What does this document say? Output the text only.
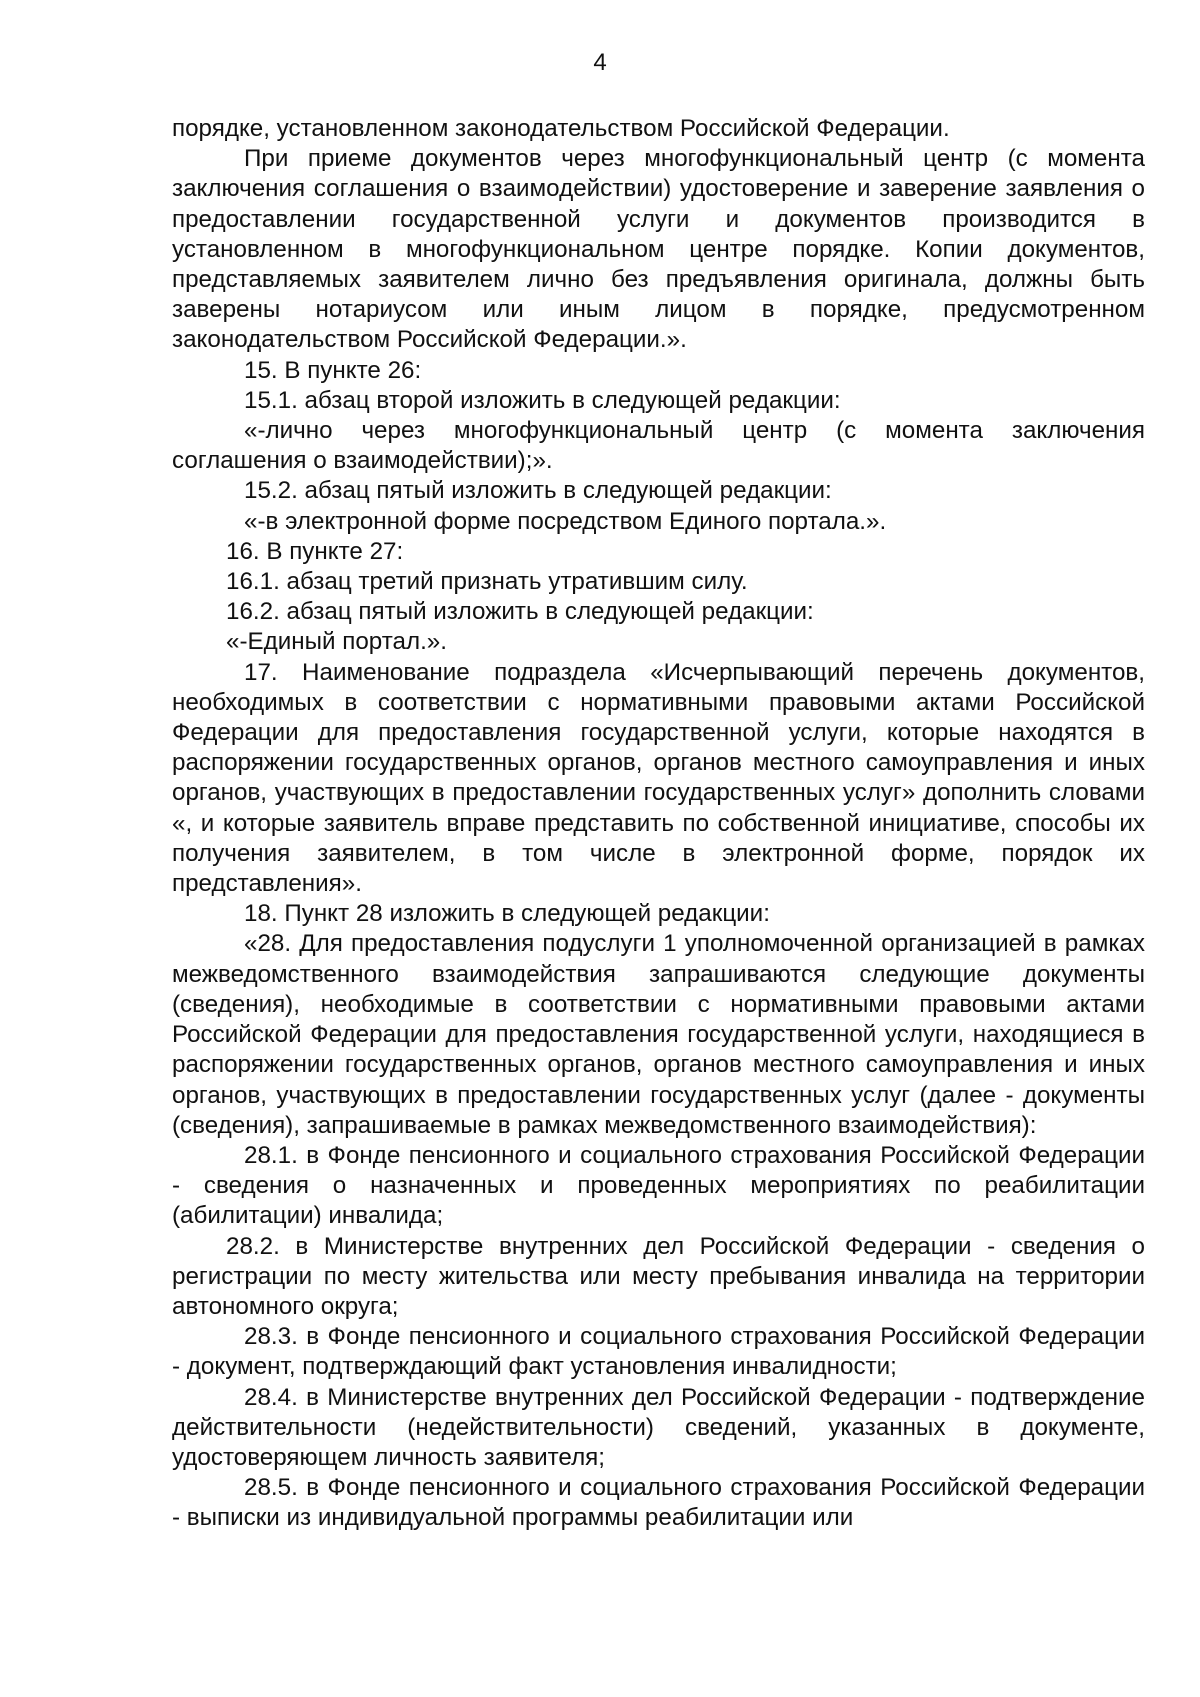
4

порядке, установленном законодательством Российской Федерации.

При приеме документов через многофункциональный центр (с момента заключения соглашения о взаимодействии) удостоверение и заверение заявления о предоставлении государственной услуги и документов производится в установленном в многофункциональном центре порядке. Копии документов, представляемых заявителем лично без предъявления оригинала, должны быть заверены нотариусом или иным лицом в порядке, предусмотренном законодательством Российской Федерации.».

15. В пункте 26:

15.1. абзац второй изложить в следующей редакции:

«-лично через многофункциональный центр (с момента заключения соглашения о взаимодействии);».

15.2. абзац пятый изложить в следующей редакции:

«-в электронной форме посредством Единого портала.».

16. В пункте 27:

16.1. абзац третий признать утратившим силу.

16.2. абзац пятый изложить в следующей редакции:

«-Единый портал.».

17. Наименование подраздела «Исчерпывающий перечень документов, необходимых в соответствии с нормативными правовыми актами Российской Федерации для предоставления государственной услуги, которые находятся в распоряжении государственных органов, органов местного самоуправления и иных органов, участвующих в предоставлении государственных услуг» дополнить словами «, и которые заявитель вправе представить по собственной инициативе, способы их получения заявителем, в том числе в электронной форме, порядок их представления».

18. Пункт 28 изложить в следующей редакции:

«28. Для предоставления подуслуги 1 уполномоченной организацией в рамках межведомственного взаимодействия запрашиваются следующие документы (сведения), необходимые в соответствии с нормативными правовыми актами Российской Федерации для предоставления государственной услуги, находящиеся в распоряжении государственных органов, органов местного самоуправления и иных органов, участвующих в предоставлении государственных услуг (далее - документы (сведения), запрашиваемые в рамках межведомственного взаимодействия):

28.1. в Фонде пенсионного и социального страхования Российской Федерации - сведения о назначенных и проведенных мероприятиях по реабилитации (абилитации) инвалида;

28.2. в Министерстве внутренних дел Российской Федерации - сведения о регистрации по месту жительства или месту пребывания инвалида на территории автономного округа;

28.3. в Фонде пенсионного и социального страхования Российской Федерации - документ, подтверждающий факт установления инвалидности;

28.4. в Министерстве внутренних дел Российской Федерации - подтверждение действительности (недействительности) сведений, указанных в документе, удостоверяющем личность заявителя;

28.5. в Фонде пенсионного и социального страхования Российской Федерации - выписки из индивидуальной программы реабилитации или
